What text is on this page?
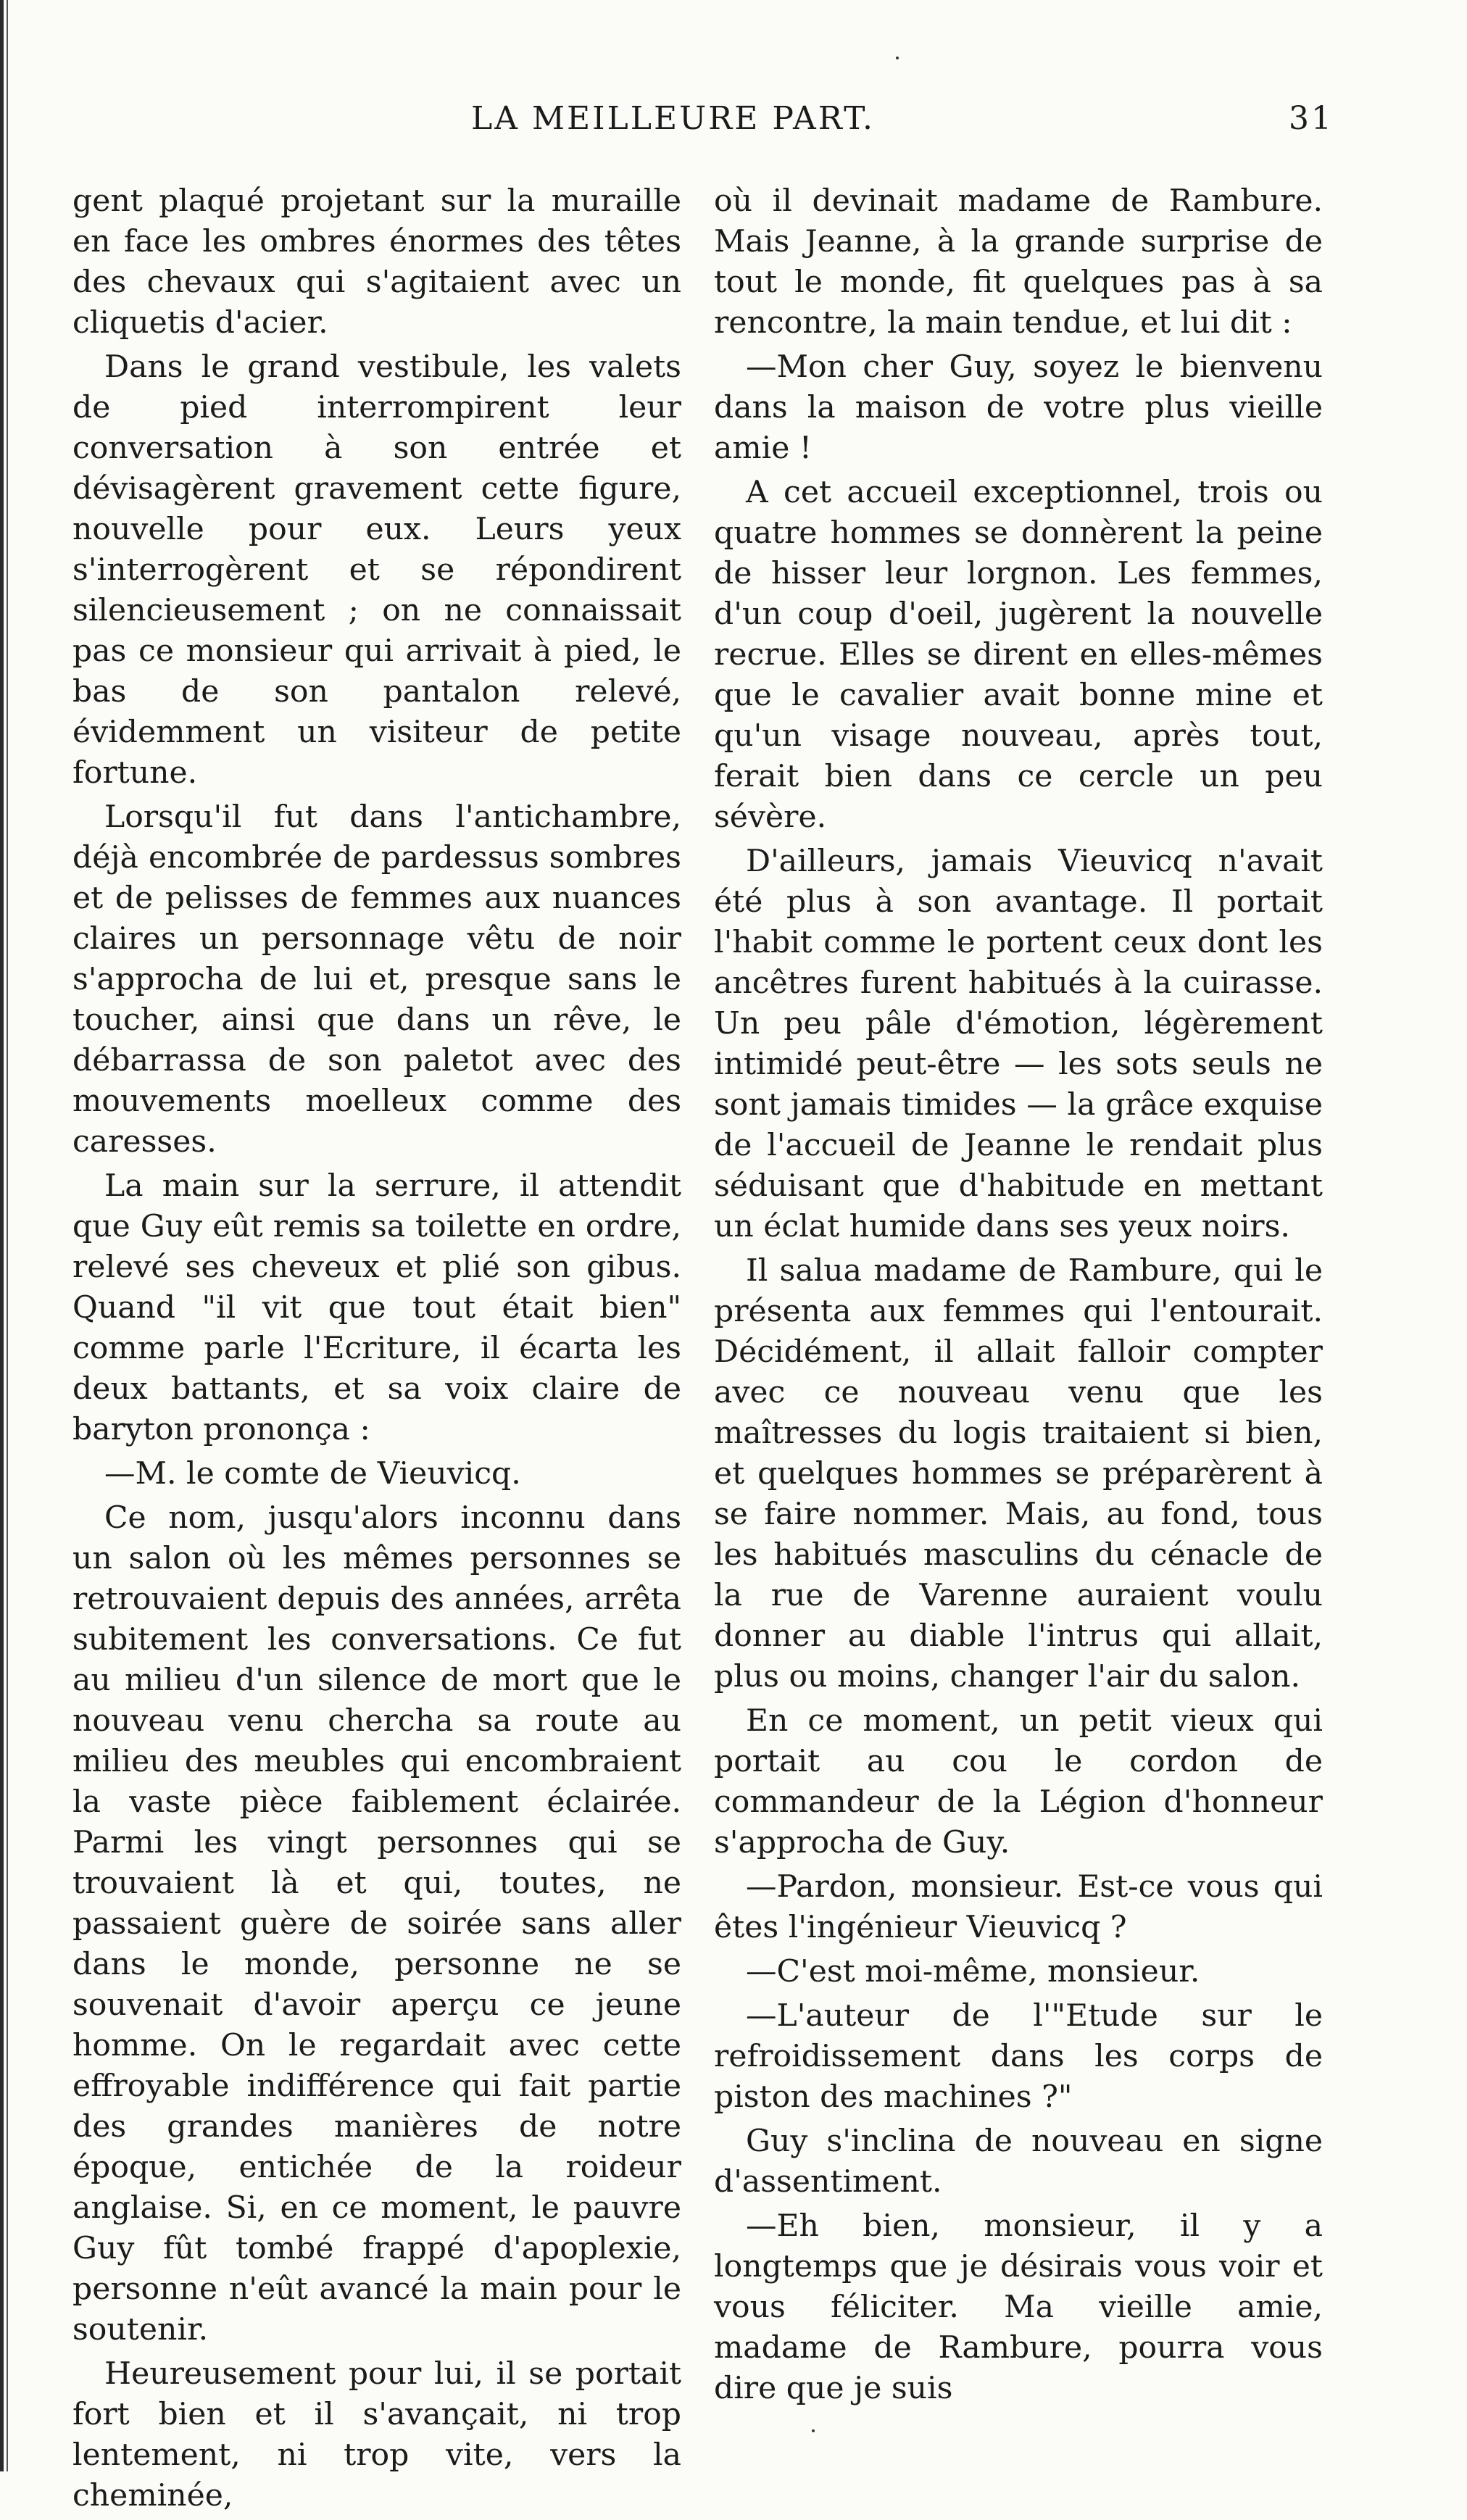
LA MEILLEURE PART.	31

gent plaqué projetant sur la muraille en face les ombres énormes des têtes des chevaux qui s'agitaient avec un cliquetis d'acier.

Dans le grand vestibule, les valets de pied interrompirent leur conversation à son entrée et dévisagèrent gravement cette figure, nouvelle pour eux. Leurs yeux s'interrogèrent et se répondirent silencieusement ; on ne connaissait pas ce monsieur qui arrivait à pied, le bas de son pantalon relevé, évidemment un visiteur de petite fortune.

Lorsqu'il fut dans l'antichambre, déjà encombrée de pardessus sombres et de pelisses de femmes aux nuances claires un personnage vêtu de noir s'approcha de lui et, presque sans le toucher, ainsi que dans un rêve, le débarrassa de son paletot avec des mouvements moelleux comme des caresses.

La main sur la serrure, il attendit que Guy eût remis sa toilette en ordre, relevé ses cheveux et plié son gibus. Quand "il vit que tout était bien" comme parle l'Ecriture, il écarta les deux battants, et sa voix claire de baryton prononça :

—M. le comte de Vieuvicq.

Ce nom, jusqu'alors inconnu dans un salon où les mêmes personnes se retrouvaient depuis des années, arrêta subitement les conversations. Ce fut au milieu d'un silence de mort que le nouveau venu chercha sa route au milieu des meubles qui encombraient la vaste pièce faiblement éclairée. Parmi les vingt personnes qui se trouvaient là et qui, toutes, ne passaient guère de soirée sans aller dans le monde, personne ne se souvenait d'avoir aperçu ce jeune homme. On le regardait avec cette effroyable indifférence qui fait partie des grandes manières de notre époque, entichée de la roideur anglaise. Si, en ce moment, le pauvre Guy fût tombé frappé d'apoplexie, personne n'eût avancé la main pour le soutenir.

Heureusement pour lui, il se portait fort bien et il s'avançait, ni trop lentement, ni trop vite, vers la cheminée,

où il devinait madame de Rambure. Mais Jeanne, à la grande surprise de tout le monde, fit quelques pas à sa rencontre, la main tendue, et lui dit :

—Mon cher Guy, soyez le bienvenu dans la maison de votre plus vieille amie !

A cet accueil exceptionnel, trois ou quatre hommes se donnèrent la peine de hisser leur lorgnon. Les femmes, d'un coup d'oeil, jugèrent la nouvelle recrue. Elles se dirent en elles-mêmes que le cavalier avait bonne mine et qu'un visage nouveau, après tout, ferait bien dans ce cercle un peu sévère.

D'ailleurs, jamais Vieuvicq n'avait été plus à son avantage. Il portait l'habit comme le portent ceux dont les ancêtres furent habitués à la cuirasse. Un peu pâle d'émotion, légèrement intimidé peut-être — les sots seuls ne sont jamais timides — la grâce exquise de l'accueil de Jeanne le rendait plus séduisant que d'habitude en mettant un éclat humide dans ses yeux noirs.

Il salua madame de Rambure, qui le présenta aux femmes qui l'entourait. Décidément, il allait falloir compter avec ce nouveau venu que les maîtresses du logis traitaient si bien, et quelques hommes se préparèrent à se faire nommer. Mais, au fond, tous les habitués masculins du cénacle de la rue de Varenne auraient voulu donner au diable l'intrus qui allait, plus ou moins, changer l'air du salon.

En ce moment, un petit vieux qui portait au cou le cordon de commandeur de la Légion d'honneur s'approcha de Guy.

—Pardon, monsieur. Est-ce vous qui êtes l'ingénieur Vieuvicq ?

—C'est moi-même, monsieur.

—L'auteur de l'"Etude sur le refroidissement dans les corps de piston des machines ?"

Guy s'inclina de nouveau en signe d'assentiment.

—Eh bien, monsieur, il y a longtemps que je désirais vous voir et vous féliciter. Ma vieille amie, madame de Rambure, pourra vous dire que je suis
